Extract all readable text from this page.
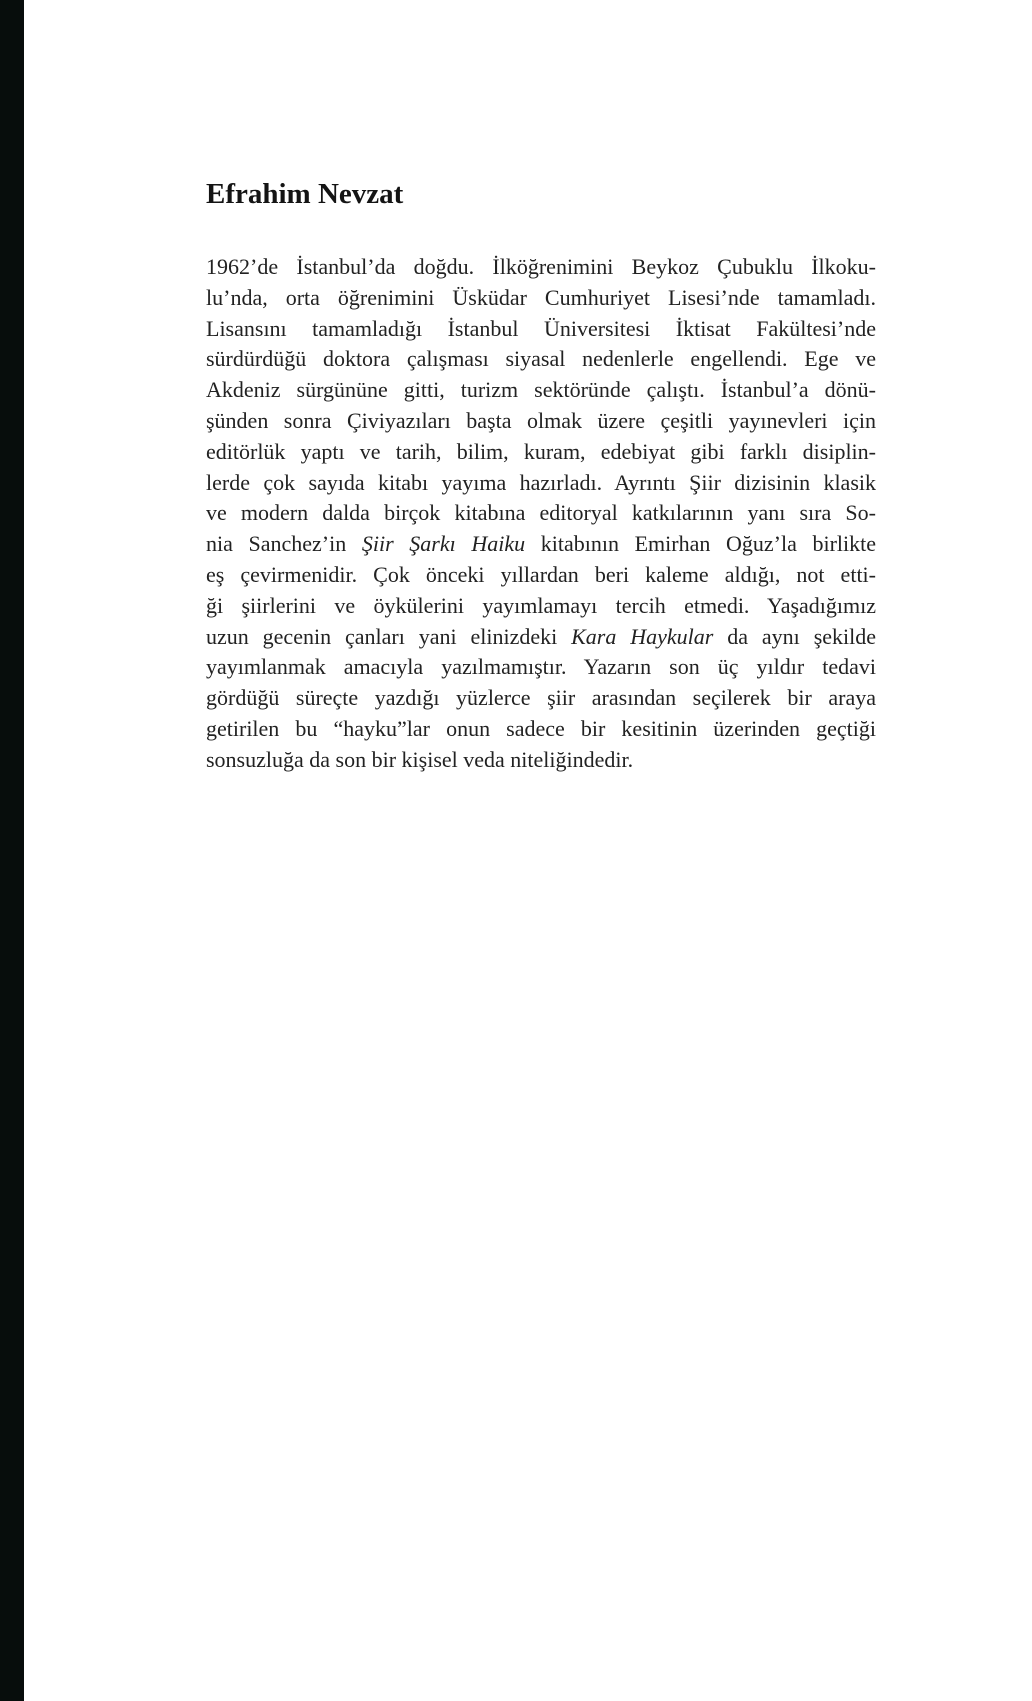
Efrahim Nevzat
1962’de İstanbul’da doğdu. İlköğrenimini Beykoz Çubuklu İlkoku-
lu’nda, orta öğrenimini Üsküdar Cumhuriyet Lisesi’nde tamamladı.
Lisansını tamamladığı İstanbul Üniversitesi İktisat Fakültesi’nde
sürdürdüğü doktora çalışması siyasal nedenlerle engellendi. Ege ve
Akdeniz sürgününe gitti, turizm sektöründe çalıştı. İstanbul’a dönü-
şünden sonra Çiviyazıları başta olmak üzere çeşitli yayınevleri için
editörlük yaptı ve tarih, bilim, kuram, edebiyat gibi farklı disiplin-
lerde çok sayıda kitabı yayıma hazırladı. Ayrıntı Şiir dizisinin klasik
ve modern dalda birçok kitabına editoryal katkılarının yanı sıra So-
nia Sanchez’in Şiir Şarkı Haiku kitabının Emirhan Oğuz’la birlikte
eş çevirmenidir. Çok önceki yıllardan beri kaleme aldığı, not etti-
ği şiirlerini ve öykülerini yayımlamayı tercih etmedi. Yaşadığımız
uzun gecenin çanları yani elinizdeki Kara Haykular da aynı şekilde
yayımlanmak amacıyla yazılmamıştır. Yazarın son üç yıldır tedavi
gördüğü süreçte yazdığı yüzlerce şiir arasından seçilerek bir araya
getirilen bu “hayku”lar onun sadece bir kesitinin üzerinden geçtiği
sonsuzluğa da son bir kişisel veda niteliğindedir.
